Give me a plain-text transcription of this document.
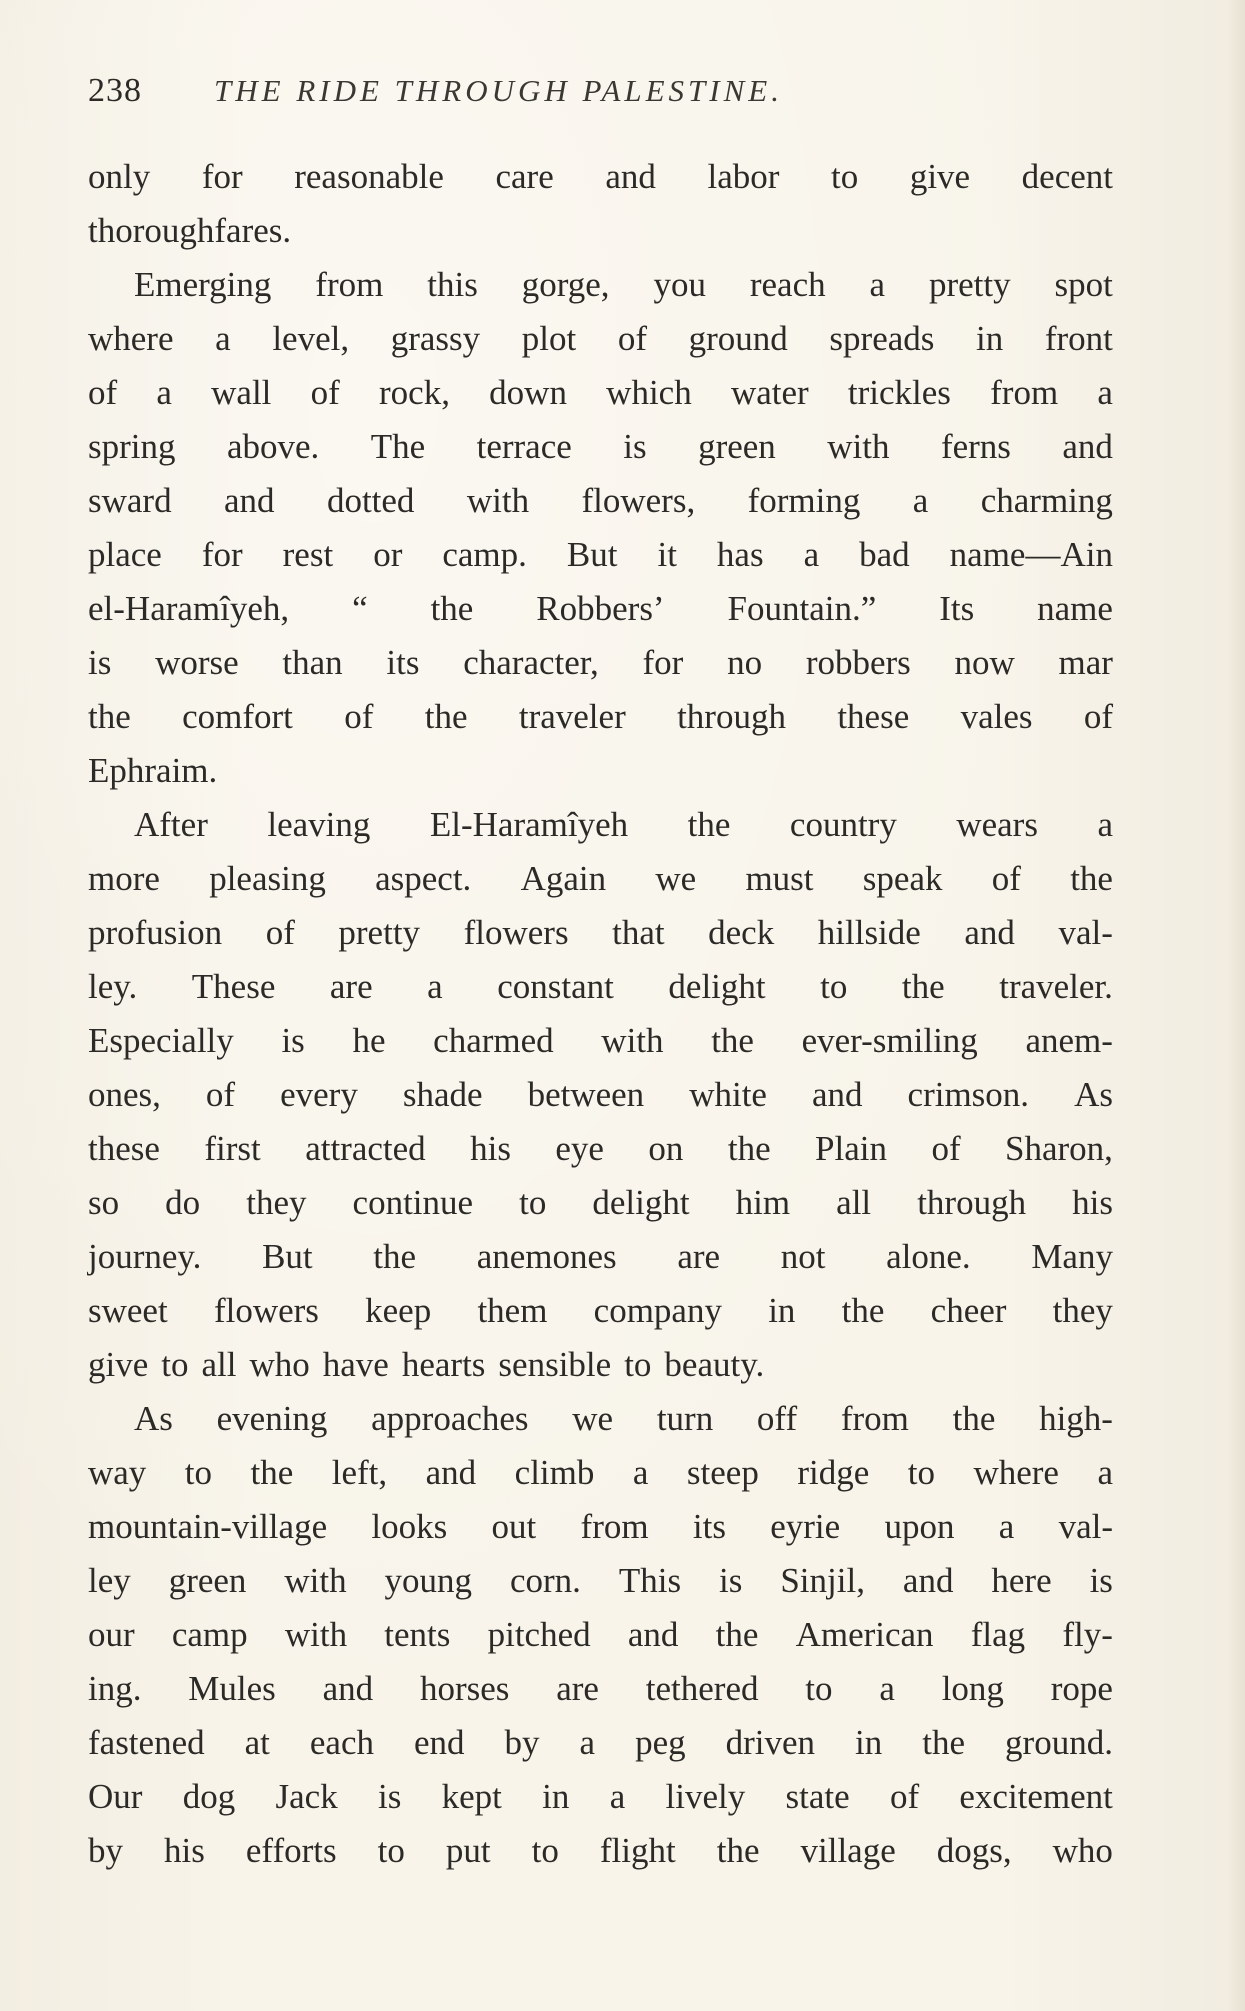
238 THE RIDE THROUGH PALESTINE.
only for reasonable care and labor to give decent
thoroughfares.
Emerging from this gorge, you reach a pretty spot
where a level, grassy plot of ground spreads in front
of a wall of rock, down which water trickles from a
spring above. The terrace is green with ferns and
sward and dotted with flowers, forming a charming
place for rest or camp. But it has a bad name—Ain
el-Haramîyeh, “ the Robbers’ Fountain.” Its name
is worse than its character, for no robbers now mar
the comfort of the traveler through these vales of
Ephraim.
After leaving El-Haramîyeh the country wears a
more pleasing aspect. Again we must speak of the
profusion of pretty flowers that deck hillside and val-
ley. These are a constant delight to the traveler.
Especially is he charmed with the ever-smiling anem-
ones, of every shade between white and crimson. As
these first attracted his eye on the Plain of Sharon,
so do they continue to delight him all through his
journey. But the anemones are not alone. Many
sweet flowers keep them company in the cheer they
give to all who have hearts sensible to beauty.
As evening approaches we turn off from the high-
way to the left, and climb a steep ridge to where a
mountain-village looks out from its eyrie upon a val-
ley green with young corn. This is Sinjil, and here is
our camp with tents pitched and the American flag fly-
ing. Mules and horses are tethered to a long rope
fastened at each end by a peg driven in the ground.
Our dog Jack is kept in a lively state of excitement
by his efforts to put to flight the village dogs, who
